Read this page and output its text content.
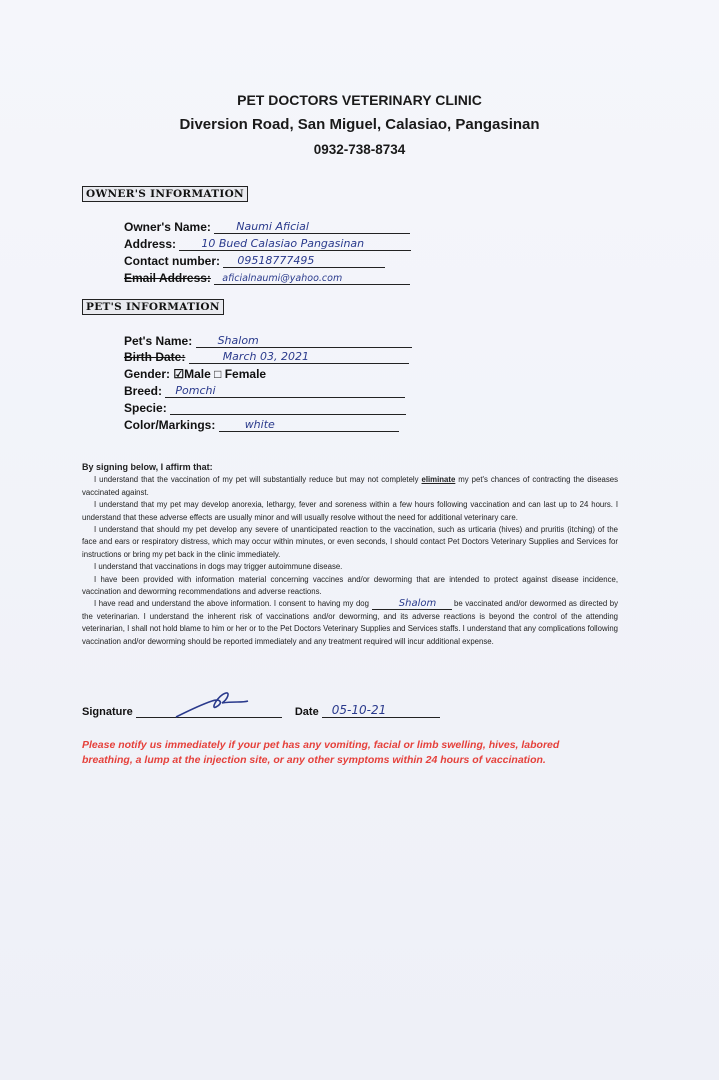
PET DOCTORS VETERINARY CLINIC
Diversion Road, San Miguel, Calasiao, Pangasinan
0932-738-8734
OWNER'S INFORMATION
Owner's Name: Naumi Aficial
Address: 10 Bued Calasiao Pangasinan
Contact number: 09518777495
Email Address: aficialnaumi@yahoo.com
PET'S INFORMATION
Pet's Name: Shalom
Birth Date:	March 03, 2021
Gender: ☑Male □ Female
Breed: Pomchi
Specie:
Color/Markings:	white

By signing below, I affirm that:

I understand that the vaccination of my pet will substantially reduce but may not completely eliminate my pet's chances of contracting the diseases vaccinated against.

I understand that my pet may develop anorexia, lethargy, fever and soreness within a few hours following vaccination and can last up to 24 hours. I understand that these adverse effects are usually minor and will usually resolve without the need for additional veterinary care.

I understand that should my pet develop any severe of unanticipated reaction to the vaccination, such as urticaria (hives) and pruritis (itching) of the face and ears or respiratory distress, which may occur within minutes, or even seconds, I should contact Pet Doctors Veterinary Supplies and Services for instructions or bring my pet back in the clinic immediately.

I understand that vaccinations in dogs may trigger autoimmune disease.

I have been provided with information material concerning vaccines and/or deworming that are intended to protect against disease incidence, vaccination and deworming recommendations and adverse reactions.

I have read and understand the above information. I consent to having my dog	Shalom be vaccinated and/or dewormed as directed by the veterinarian. I understand the inherent risk of vaccinations and/or deworming, and its adverse reactions is beyond the control of the attending veterinarian, I shall not hold blame to him or her or to the Pet Doctors Veterinary Supplies and Services staffs. I understand that any complications following vaccination and/or deworming should be reported immediately and any treatment required will incur additional expense.

Signature	Date 05-10-21
Please notify us immediately if your pet has any vomiting, facial or limb swelling, hives, labored breathing, a lump at the injection site, or any other symptoms within 24 hours of vaccination.
